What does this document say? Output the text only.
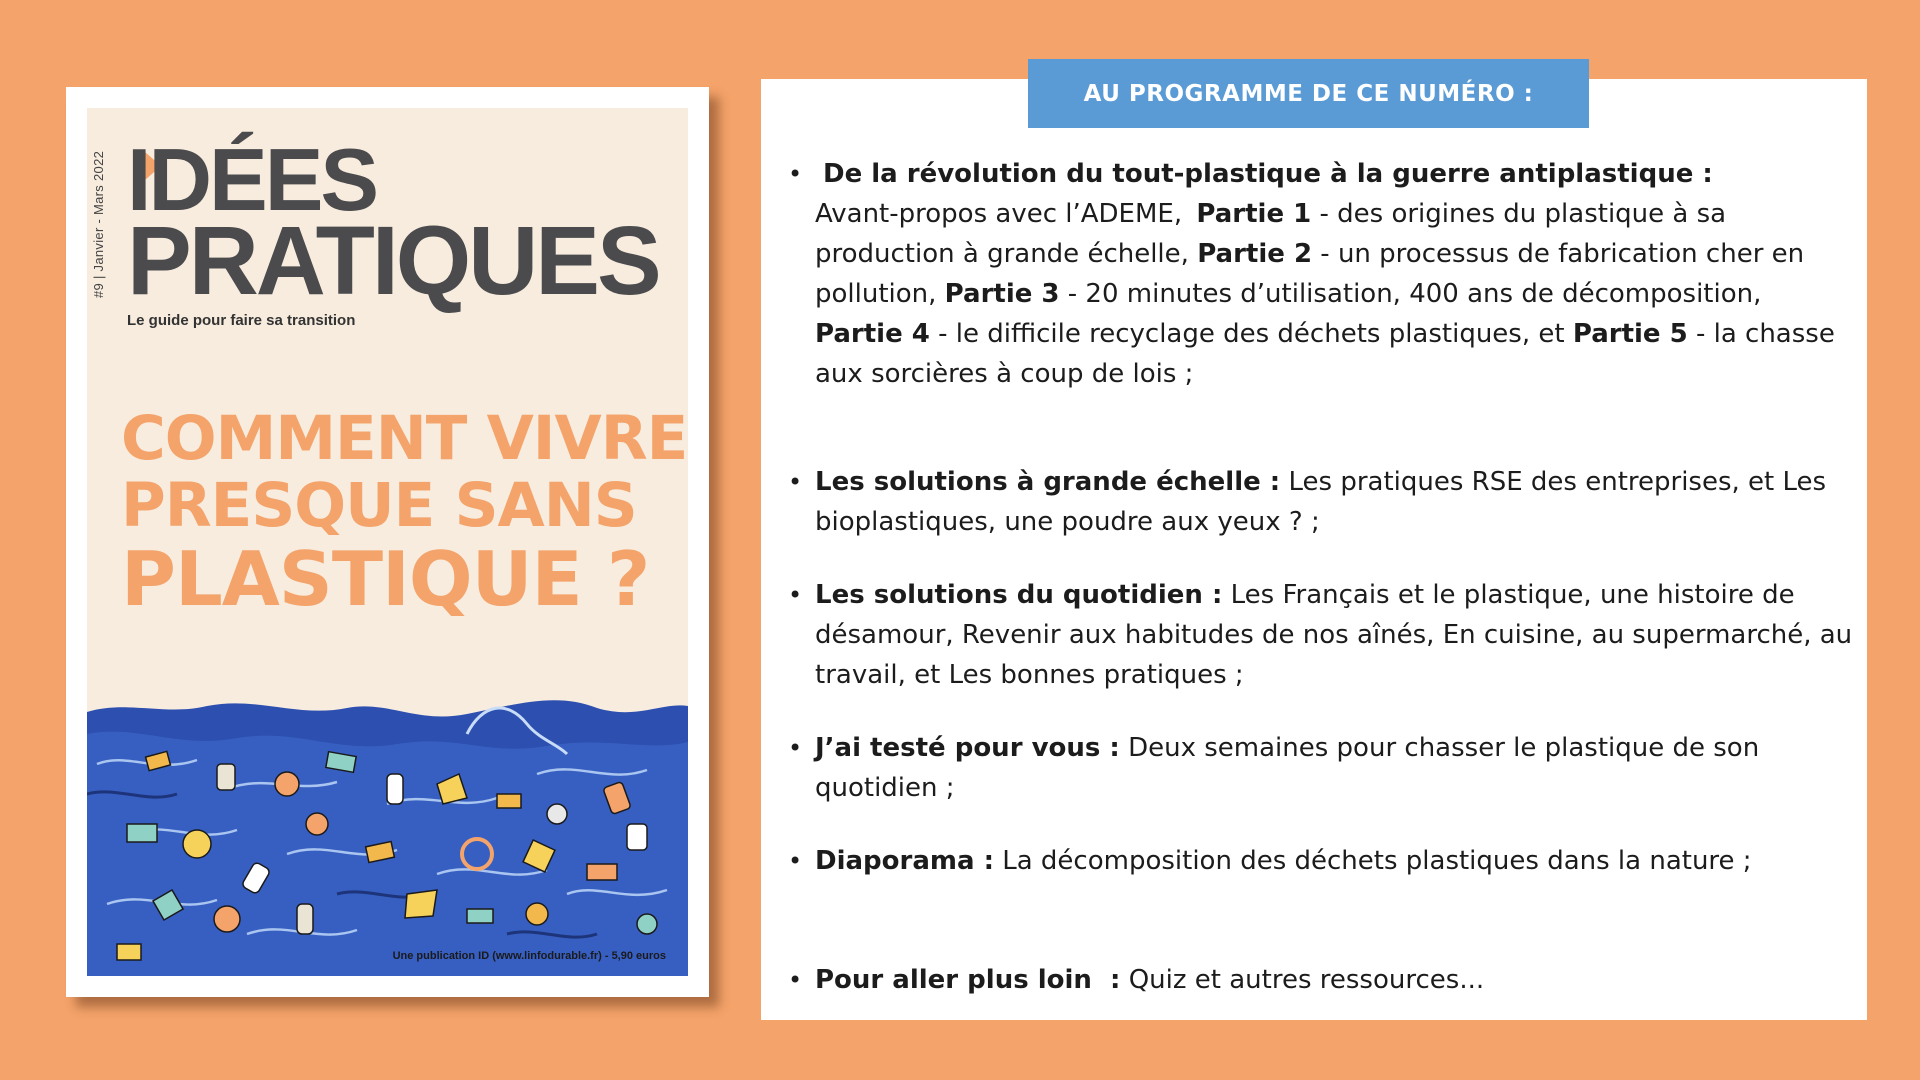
#9 | Janvier - Mars 2022 IDÉES
PRATIQUES
Le guide pour faire sa transition
COMMENT VIVRE
PRESQUE SANS
PLASTIQUE ?
Une publication ID (www.linfodurable.fr) - 5,90 euros
AU PROGRAMME DE CE NUMÉRO :
• De la révolution du tout-plastique à la guerre antiplastique :
Avant-propos avec l’ADEME, Partie 1 - des origines du plastique à sa production à grande échelle, Partie 2 - un processus de fabrication cher en pollution, Partie 3 - 20 minutes d’utilisation, 400 ans de décomposition, Partie 4 - le difficile recyclage des déchets plastiques, et Partie 5 - la chasse aux sorcières à coup de lois ;

• Les solutions à grande échelle : Les pratiques RSE des entreprises, et Les bioplastiques, une poudre aux yeux ? ;

• Les solutions du quotidien : Les Français et le plastique, une histoire de désamour, Revenir aux habitudes de nos aînés, En cuisine, au supermarché, au travail, et Les bonnes pratiques ;

• J’ai testé pour vous : Deux semaines pour chasser le plastique de son quotidien ;

• Diaporama : La décomposition des déchets plastiques dans la nature ;

• Pour aller plus loin  : Quiz et autres ressources...
